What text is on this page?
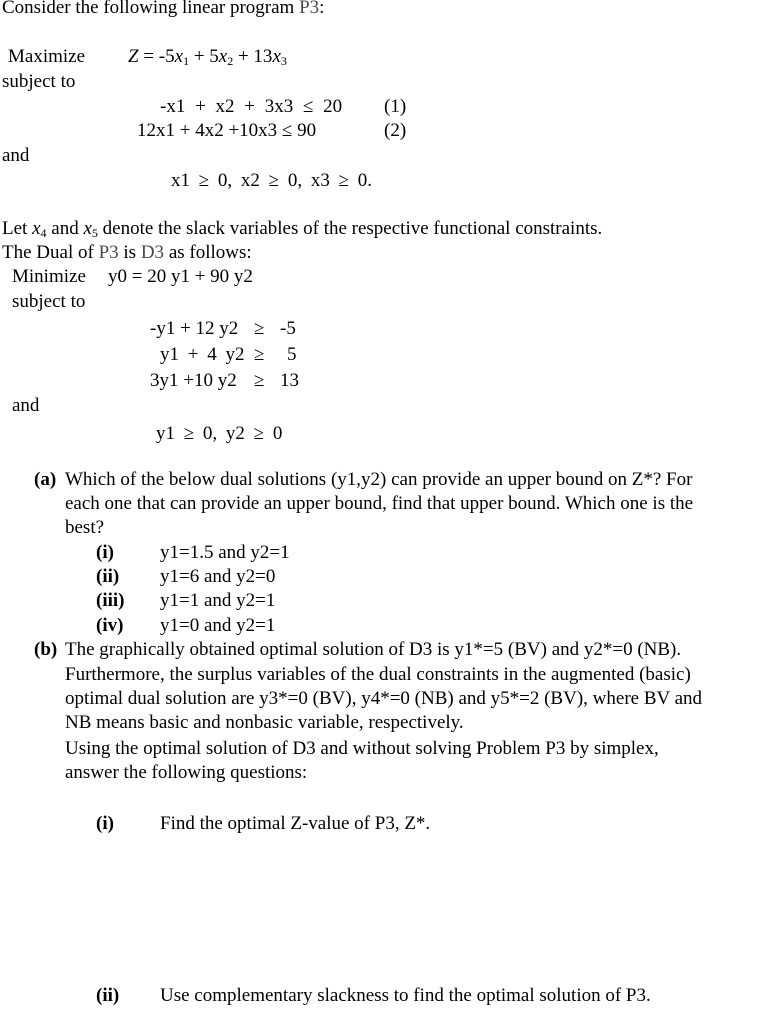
Consider the following linear program P3:
Maximize $Z = -5x_1 + 5x_2 + 13x_3$
subject to
-x1 + x2 + 3x3 ≤ 20 (1)
12x1 + 4x2 +10x3 ≤ 90	(2)
and
x1 ≥ 0, x2 ≥ 0, x3 ≥ 0.
Let $x_4$ and $x_5$ denote the slack variables of the respective functional constraints.
The Dual of P3 is D3 as follows:
Minimize y0 = 20 y1 + 90 y2
subject to
-y1 + 12 y2 ≥ -5
y1 + 4 y2 ≥ 5
3y1 +10 y2 ≥ 13
and
y1 ≥ 0, y2 ≥ 0
(a) Which of the below dual solutions (y1,y2) can provide an upper bound on Z*? For
each one that can provide an upper bound, find that upper bound. Which one is the
best?
(i) y1=1.5 and y2=1
(ii) y1=6 and y2=0
(iii) y1=1 and y2=1
(iv) y1=0 and y2=1
(b) The graphically obtained optimal solution of D3 is y1*=5 (BV) and y2*=0 (NB).
Furthermore, the surplus variables of the dual constraints in the augmented (basic)
optimal dual solution are y3*=0 (BV), y4*=0 (NB) and y5*=2 (BV), where BV and
NB means basic and nonbasic variable, respectively.
Using the optimal solution of D3 and without solving Problem P3 by simplex,
answer the following questions:
(i) Find the optimal Z-value of P3, Z*.
(ii) Use complementary slackness to find the optimal solution of P3.
